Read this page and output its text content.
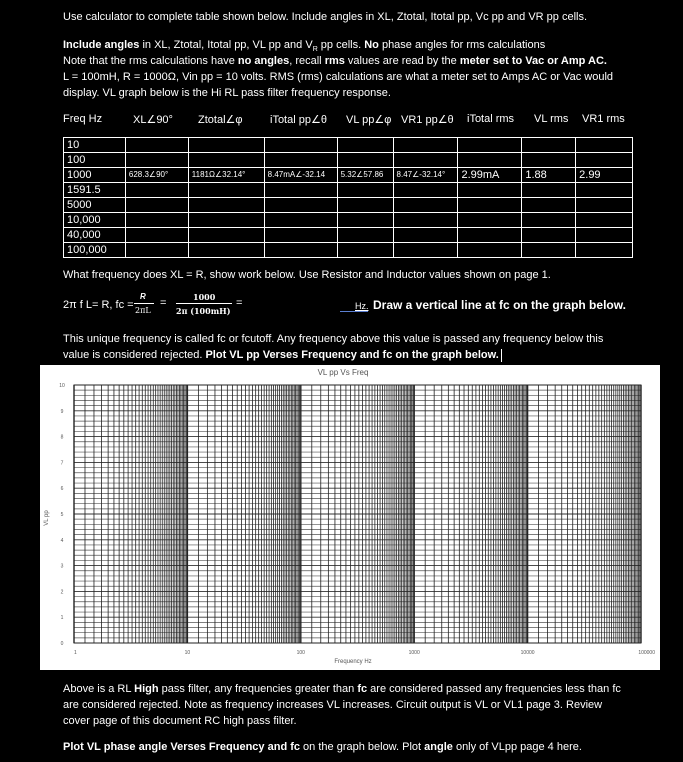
Use calculator to complete table shown below. Include angles in XL, Ztotal, Itotal pp, Vc pp and VR pp cells.
Include angles in XL, Ztotal, Itotal pp, VL pp and $V_R$ pp cells. No phase angles for rms calculations
Note that the rms calculations have no angles, recall rms values are read by the meter set to Vac or Amp AC.
L = 100mH, R = 1000Ω, Vin pp = 10 volts. RMS (rms) calculations are what a meter set to Amps AC or Vac would
display. VL graph below is the Hi RL pass filter frequency response.
Freq Hz	XL∠90° Ztotal∠φ iTotal pp∠θ VL pp∠φ VR1 pp∠θ iTotal rms VL rms VR1 rms
10								
100								
1000	628.3∠90°	1181Ω∠32.14°	8.47mA∠-32.14	5.32∠57.86	8.47∠-32.14°	2.99mA	1.88	2.99
1591.5								
5000								
10,000								
40,000								
100,000								
What frequency does XL = R, show work below. Use Resistor and Inductor values shown on page 1.
2π f L= R, fc =
R
2πL
=	1000
2π (100mH)
=	Hz. Draw a vertical line at fc on the graph below.
This unique frequency is called fc or fcutoff. Any frequency above this value is passed any frequency below this
value is considered rejected. Plot VL pp Verses Frequency and fc on the graph below.
0
1
2
3
4
5
6
7
8
9
10
1	10	100	1000	10000	100000
VL pp Vs Freq
Frequency Hz
VL pp
Above is a RL High pass filter, any frequencies greater than fc are considered passed any frequencies less than fc
are considered rejected. Note as frequency increases VL increases. Circuit output is VL or VL1 page 3. Review
cover page of this document RC high pass filter.
Plot VL phase angle Verses Frequency and fc on the graph below. Plot angle only of VLpp page 4 here.
